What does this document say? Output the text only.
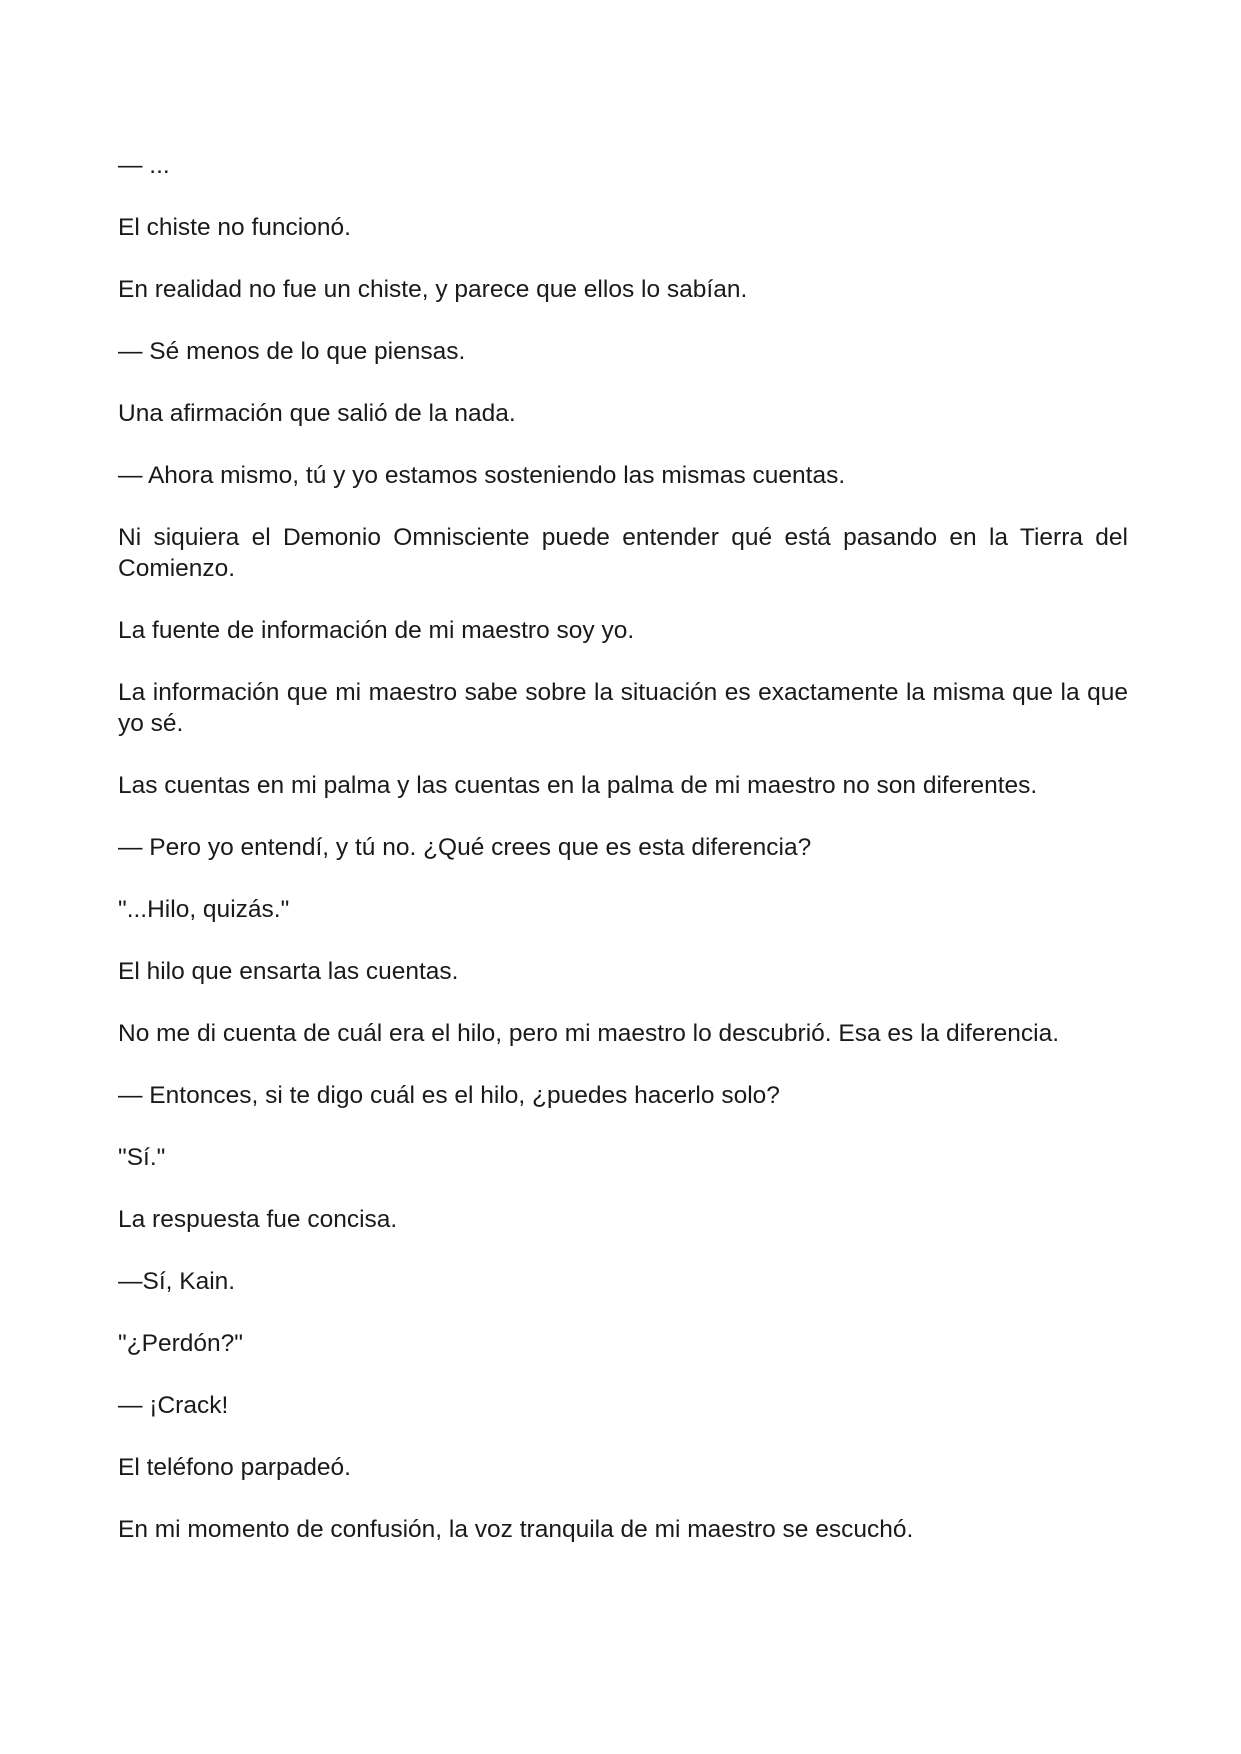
— ...

El chiste no funcionó.

En realidad no fue un chiste, y parece que ellos lo sabían.

— Sé menos de lo que piensas.

Una afirmación que salió de la nada.

— Ahora mismo, tú y yo estamos sosteniendo las mismas cuentas.

Ni siquiera el Demonio Omnisciente puede entender qué está pasando en la Tierra del Comienzo.

La fuente de información de mi maestro soy yo.

La información que mi maestro sabe sobre la situación es exactamente la misma que la que yo sé.

Las cuentas en mi palma y las cuentas en la palma de mi maestro no son diferentes.

— Pero yo entendí, y tú no. ¿Qué crees que es esta diferencia?

"...Hilo, quizás."

El hilo que ensarta las cuentas.

No me di cuenta de cuál era el hilo, pero mi maestro lo descubrió. Esa es la diferencia.

— Entonces, si te digo cuál es el hilo, ¿puedes hacerlo solo?

"Sí."

La respuesta fue concisa.

—Sí, Kain.

"¿Perdón?"

— ¡Crack!

El teléfono parpadeó.

En mi momento de confusión, la voz tranquila de mi maestro se escuchó.
